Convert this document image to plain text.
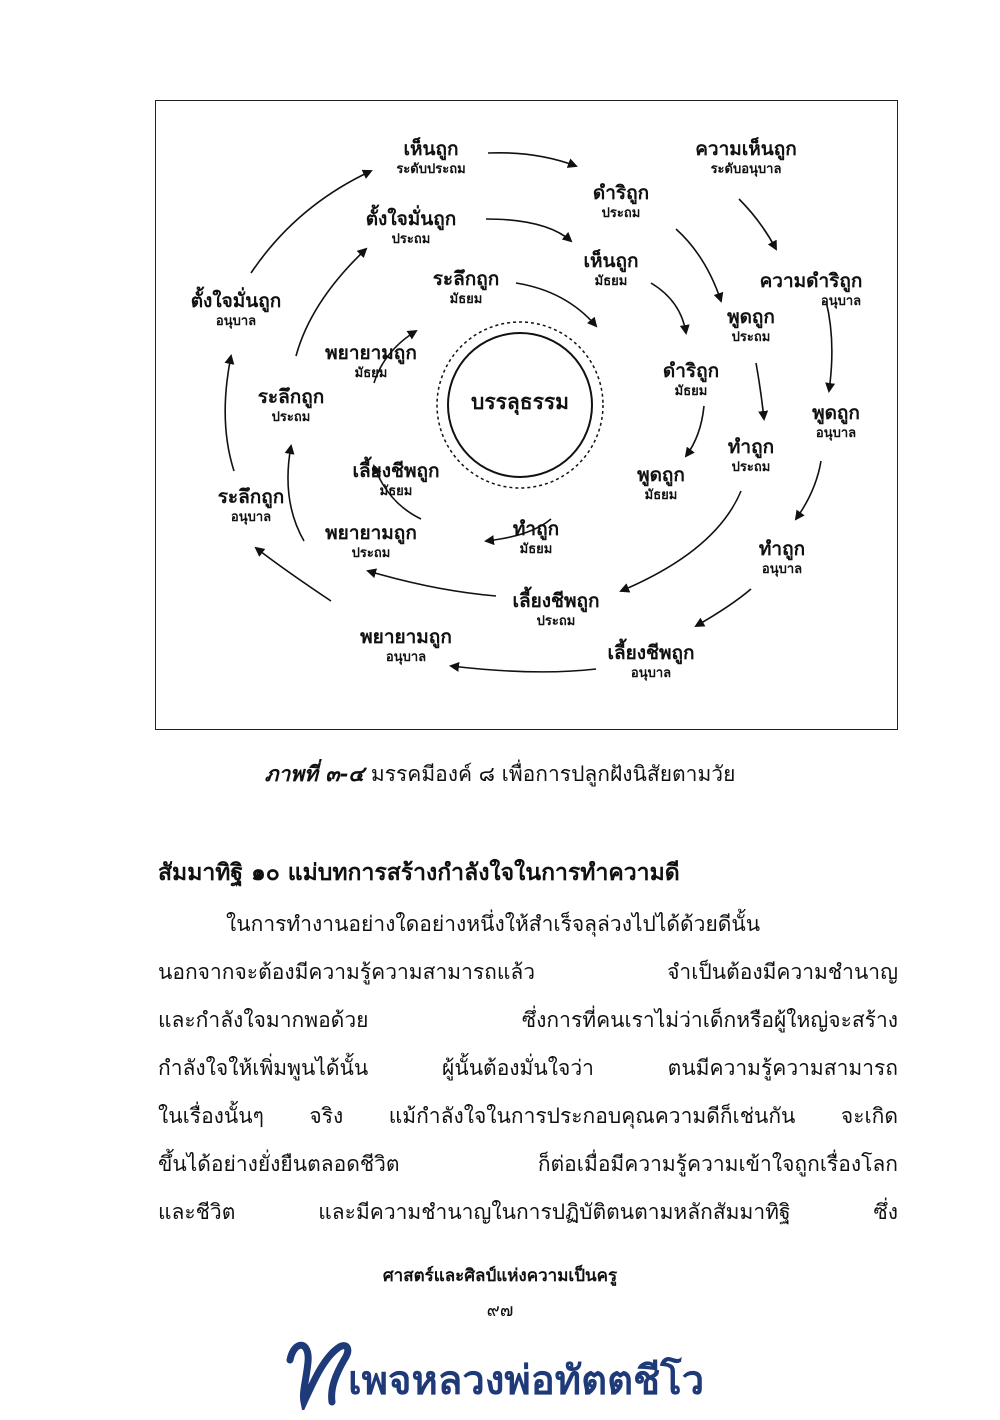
บรรลุธรรม
ความเห็นถูก
ระดับอนุบาล
ความดำริถูก
อนุบาล
พูดถูก
อนุบาล
ทำถูก
อนุบาล
เลี้ยงชีพถูก
อนุบาล
พยายามถูก
อนุบาล
ระลึกถูก
อนุบาล
ตั้งใจมั่นถูก
อนุบาล
เห็นถูก
ระดับประถม
ดำริถูก
ประถม
พูดถูก
ประถม
ทำถูก
ประถม
เลี้ยงชีพถูก
ประถม
พยายามถูก
ประถม
ระลึกถูก
ประถม
ตั้งใจมั่นถูก
ประถม
เห็นถูก
มัธยม
ดำริถูก
มัธยม
พูดถูก
มัธยม
ทำถูก
มัธยม
เลี้ยงชีพถูก
มัธยม
พยายามถูก
มัธยม
ระลึกถูก
มัธยม
ภาพที่ ๓-๔ มรรคมีองค์ ๘ เพื่อการปลูกฝังนิสัยตามวัย
สัมมาทิฐิ ๑๐ แม่บทการสร้างกำลังใจในการทำความดี
ในการทำงานอย่างใดอย่างหนึ่งให้สำเร็จลุล่วงไปได้ด้วยดีนั้น
นอกจากจะต้องมีความรู้ความสามารถแล้ว จำเป็นต้องมีความชำนาญ
และกำลังใจมากพอด้วย ซึ่งการที่คนเราไม่ว่าเด็กหรือผู้ใหญ่จะสร้าง
กำลังใจให้เพิ่มพูนได้นั้น ผู้นั้นต้องมั่นใจว่า ตนมีความรู้ความสามารถ
ในเรื่องนั้นๆ จริง แม้กำลังใจในการประกอบคุณความดีก็เช่นกัน จะเกิด
ขึ้นได้อย่างยั่งยืนตลอดชีวิต ก็ต่อเมื่อมีความรู้ความเข้าใจถูกเรื่องโลก
และชีวิต และมีความชำนาญในการปฏิบัติตนตามหลักสัมมาทิฐิ ซึ่ง
ศาสตร์และศิลป์แห่งความเป็นครู
๙๗
เพจหลวงพ่อทัตตชีโว
